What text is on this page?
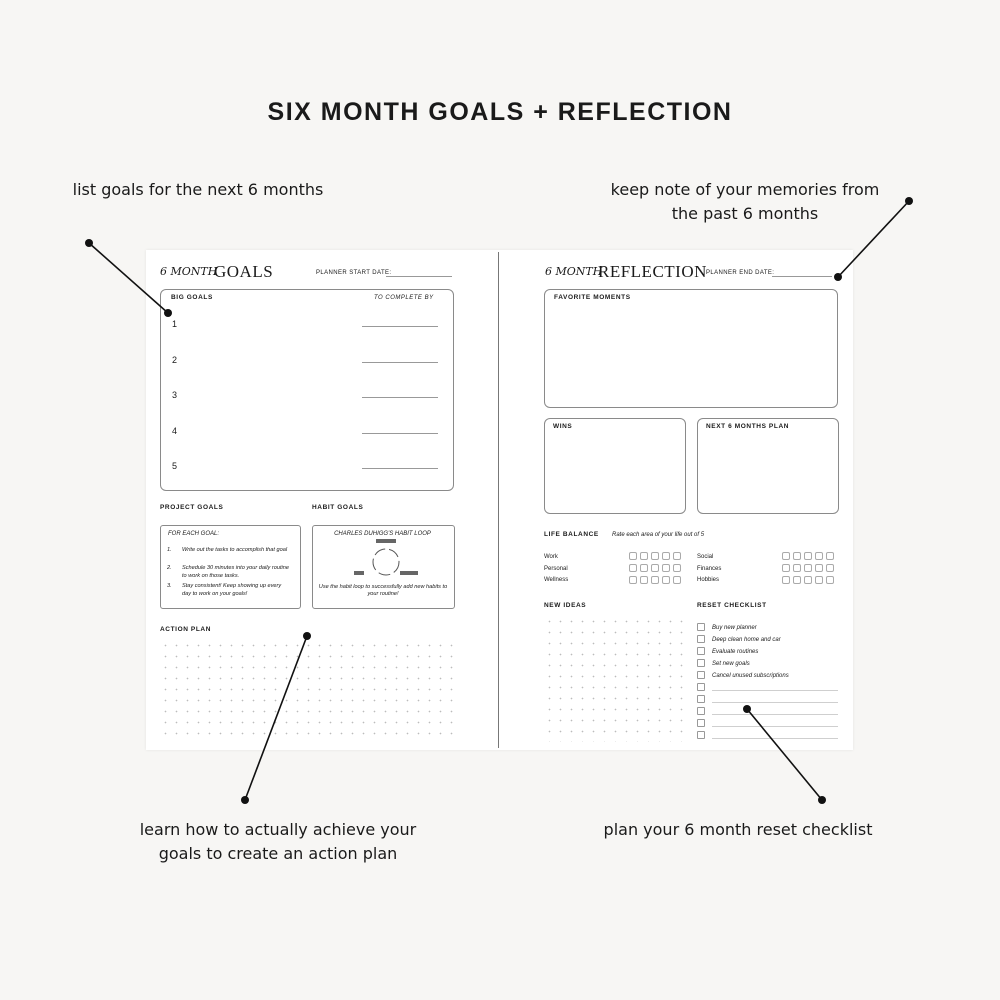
SIX MONTH GOALS + REFLECTION
list goals for the next 6 months	keep note of your memories from
the past 6 months
learn how to actually achieve your
goals to create an action plan
plan your 6 month reset checklist
6 MONTH
GOALS	PLANNER START DATE:
BIG GOALS	TO COMPLETE BY
1
2
3
4
5
PROJECT GOALS	HABIT GOALS
FOR EACH GOAL:
1. Write out the tasks to accomplish that goal
2. Schedule 30 minutes into your daily routine to work on those tasks.
3. Stay consistent! Keep showing up every day to work on your goals!
CHARLES DUHIGG'S HABIT LOOP
Use the habit loop to successfully add new habits to your routine!
ACTION PLAN
6 MONTH
REFLECTION PLANNER END DATE:
FAVORITE MOMENTS
WINS	NEXT 6 MONTHS PLAN
LIFE BALANCE Rate each area of your life out of 5
Work
Personal
Wellness
Social
Finances
Hobbies
NEW IDEAS	RESET CHECKLIST
Buy new planner
Deep clean home and car
Evaluate routines
Set new goals
Cancel unused subscriptions
